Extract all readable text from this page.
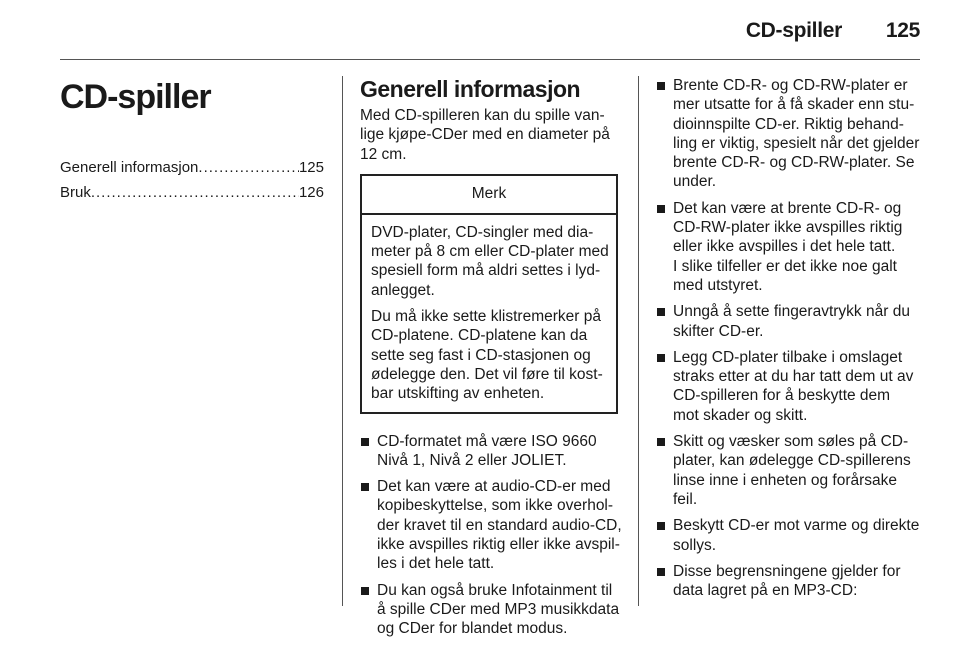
CD-spiller 125
CD-spiller
Generell informasjon .....	125
Bruk .....	126
Generell informasjon

Med CD-spilleren kan du spille van-
lige kjøpe-CDer med en diameter på
12 cm.

Merk

DVD-plater, CD-singler med dia-
meter på 8 cm eller CD-plater med
spesiell form må aldri settes i lyd-
anlegget.

Du må ikke sette klistremerker på
CD-platene. CD-platene kan da
sette seg fast i CD-stasjonen og
ødelegge den. Det vil føre til kost-
bar utskifting av enheten.

CD-formatet må være ISO 9660
Nivå 1, Nivå 2 eller JOLIET.
Det kan være at audio-CD-er med
kopibeskyttelse, som ikke overhol-
der kravet til en standard audio-CD,
ikke avspilles riktig eller ikke avspil-
les i det hele tatt.
Du kan også bruke Infotainment til
å spille CDer med MP3 musikkdata
og CDer for blandet modus.
Brente CD-R- og CD-RW-plater er
mer utsatte for å få skader enn stu-
dioinnspilte CD-er. Riktig behand-
ling er viktig, spesielt når det gjelder
brente CD-R- og CD-RW-plater. Se
under.
Det kan være at brente CD-R- og
CD-RW-plater ikke avspilles riktig
eller ikke avspilles i det hele tatt.
I slike tilfeller er det ikke noe galt
med utstyret.
Unngå å sette fingeravtrykk når du
skifter CD-er.
Legg CD-plater tilbake i omslaget
straks etter at du har tatt dem ut av
CD-spilleren for å beskytte dem
mot skader og skitt.
Skitt og væsker som søles på CD-
plater, kan ødelegge CD-spillerens
linse inne i enheten og forårsake
feil.
Beskytt CD-er mot varme og direkte
sollys.
Disse begrensningene gjelder for
data lagret på en MP3-CD:
